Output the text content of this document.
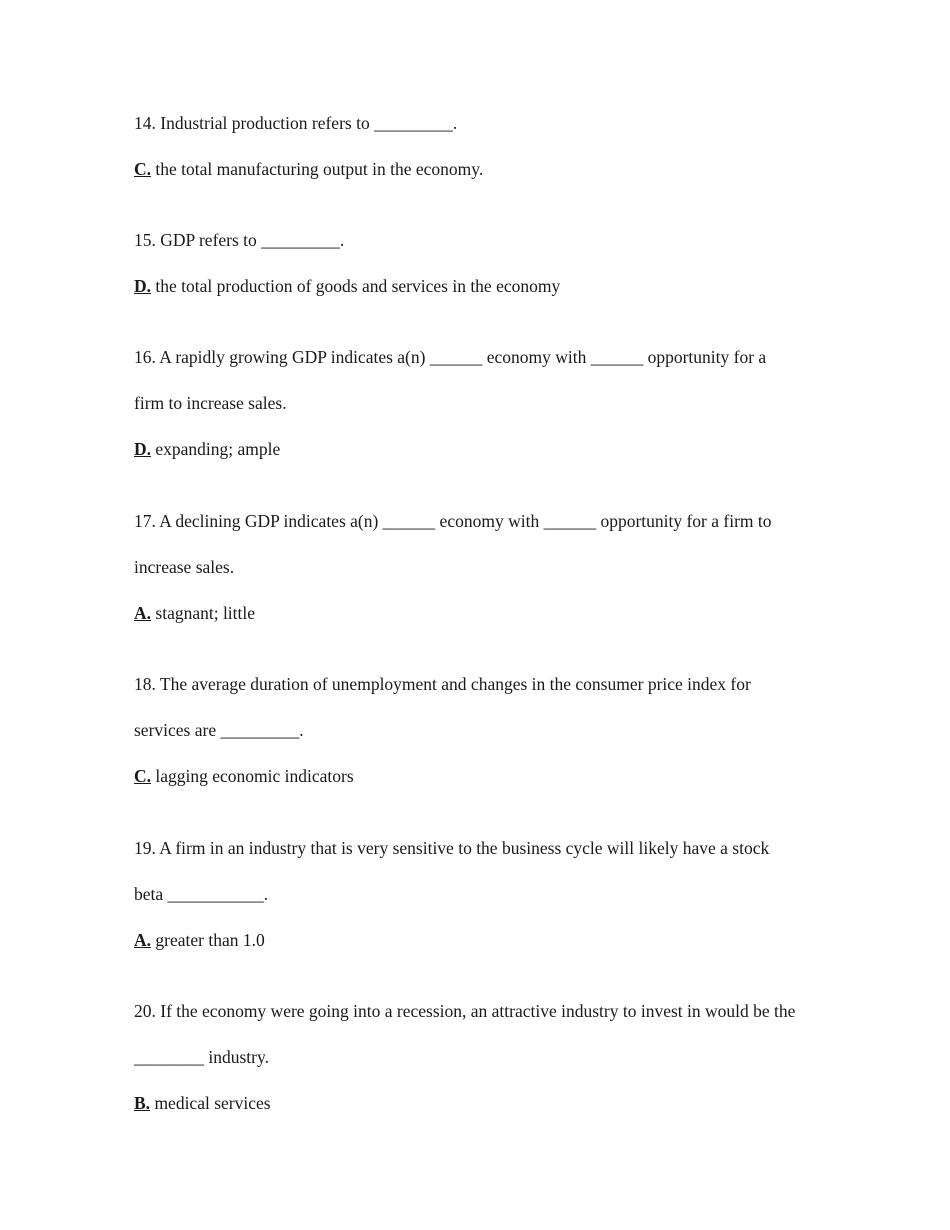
14. Industrial production refers to _________.
C. the total manufacturing output in the economy.
15. GDP refers to _________.
D. the total production of goods and services in the economy
16. A rapidly growing GDP indicates a(n) ______ economy with ______ opportunity for a
firm to increase sales.
D. expanding; ample
17. A declining GDP indicates a(n) ______ economy with ______ opportunity for a firm to
increase sales.
A. stagnant; little
18. The average duration of unemployment and changes in the consumer price index for
services are _________.
C. lagging economic indicators
19. A firm in an industry that is very sensitive to the business cycle will likely have a stock
beta ___________.
A. greater than 1.0
20. If the economy were going into a recession, an attractive industry to invest in would be the
________ industry.
B. medical services
